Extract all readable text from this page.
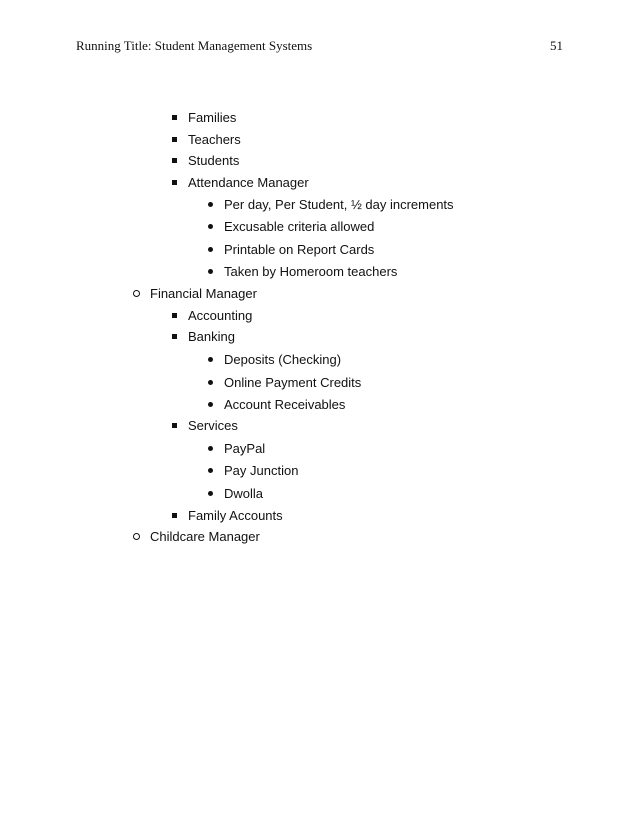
Running Title: Student Management Systems	51
Families
Teachers
Students
Attendance Manager
Per day, Per Student, ½ day increments
Excusable criteria allowed
Printable on Report Cards
Taken by Homeroom teachers
Financial Manager
Accounting
Banking
Deposits (Checking)
Online Payment Credits
Account Receivables
Services
PayPal
Pay Junction
Dwolla
Family Accounts
Childcare Manager
